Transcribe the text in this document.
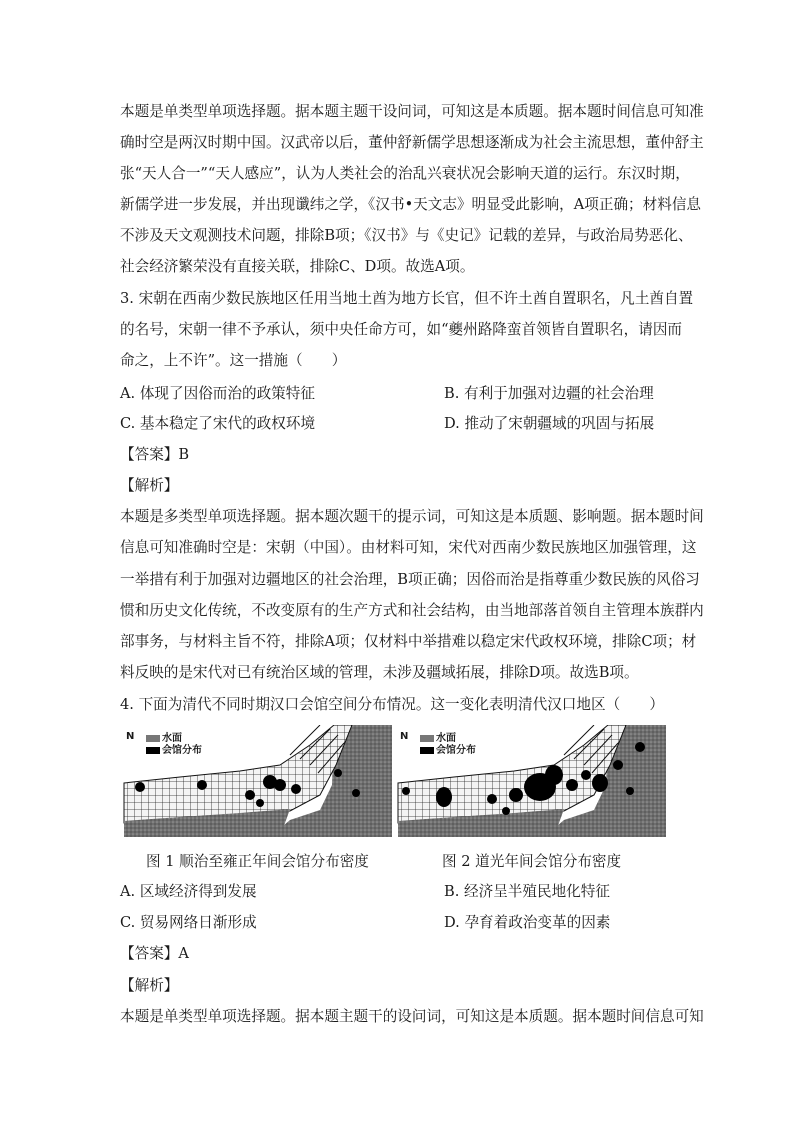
本题是单类型单项选择题。据本题主题干设问词，可知这是本质题。据本题时间信息可知准
确时空是两汉时期中国。汉武帝以后，董仲舒新儒学思想逐渐成为社会主流思想，董仲舒主
张“天人合一”“天人感应”，认为人类社会的治乱兴衰状况会影响天道的运行。东汉时期，
新儒学进一步发展，并出现谶纬之学，《汉书•天文志》明显受此影响，A项正确；材料信息
不涉及天文观测技术问题，排除B项；《汉书》与《史记》记载的差异，与政治局势恶化、
社会经济繁荣没有直接关联，排除C、D项。故选A项。
3. 宋朝在西南少数民族地区任用当地土酋为地方长官，但不许土酋自置职名，凡土酋自置
的名号，宋朝一律不予承认，须中央任命方可，如“夔州路降蛮首领皆自置职名，请因而
命之，上不许”。这一措施（　　）
A. 体现了因俗而治的政策特征	B. 有利于加强对边疆的社会治理
C. 基本稳定了宋代的政权环境	D. 推动了宋朝疆域的巩固与拓展
【答案】B
【解析】
本题是多类型单项选择题。据本题次题干的提示词，可知这是本质题、影响题。据本题时间
信息可知准确时空是：宋朝（中国）。由材料可知，宋代对西南少数民族地区加强管理，这
一举措有利于加强对边疆地区的社会治理，B项正确；因俗而治是指尊重少数民族的风俗习
惯和历史文化传统，不改变原有的生产方式和社会结构，由当地部落首领自主管理本族群内
部事务，与材料主旨不符，排除A项；仅材料中举措难以稳定宋代政权环境，排除C项；材
料反映的是宋代对已有统治区域的管理，未涉及疆域拓展，排除D项。故选B项。
4. 下面为清代不同时期汉口会馆空间分布情况。这一变化表明清代汉口地区（　　）
N	水面
会馆分布
N	水面
会馆分布
图 1 顺治至雍正年间会馆分布密度	图 2 道光年间会馆分布密度
A. 区域经济得到发展	B. 经济呈半殖民地化特征
C. 贸易网络日渐形成	D. 孕育着政治变革的因素
【答案】A
【解析】
本题是单类型单项选择题。据本题主题干的设问词，可知这是本质题。据本题时间信息可知
